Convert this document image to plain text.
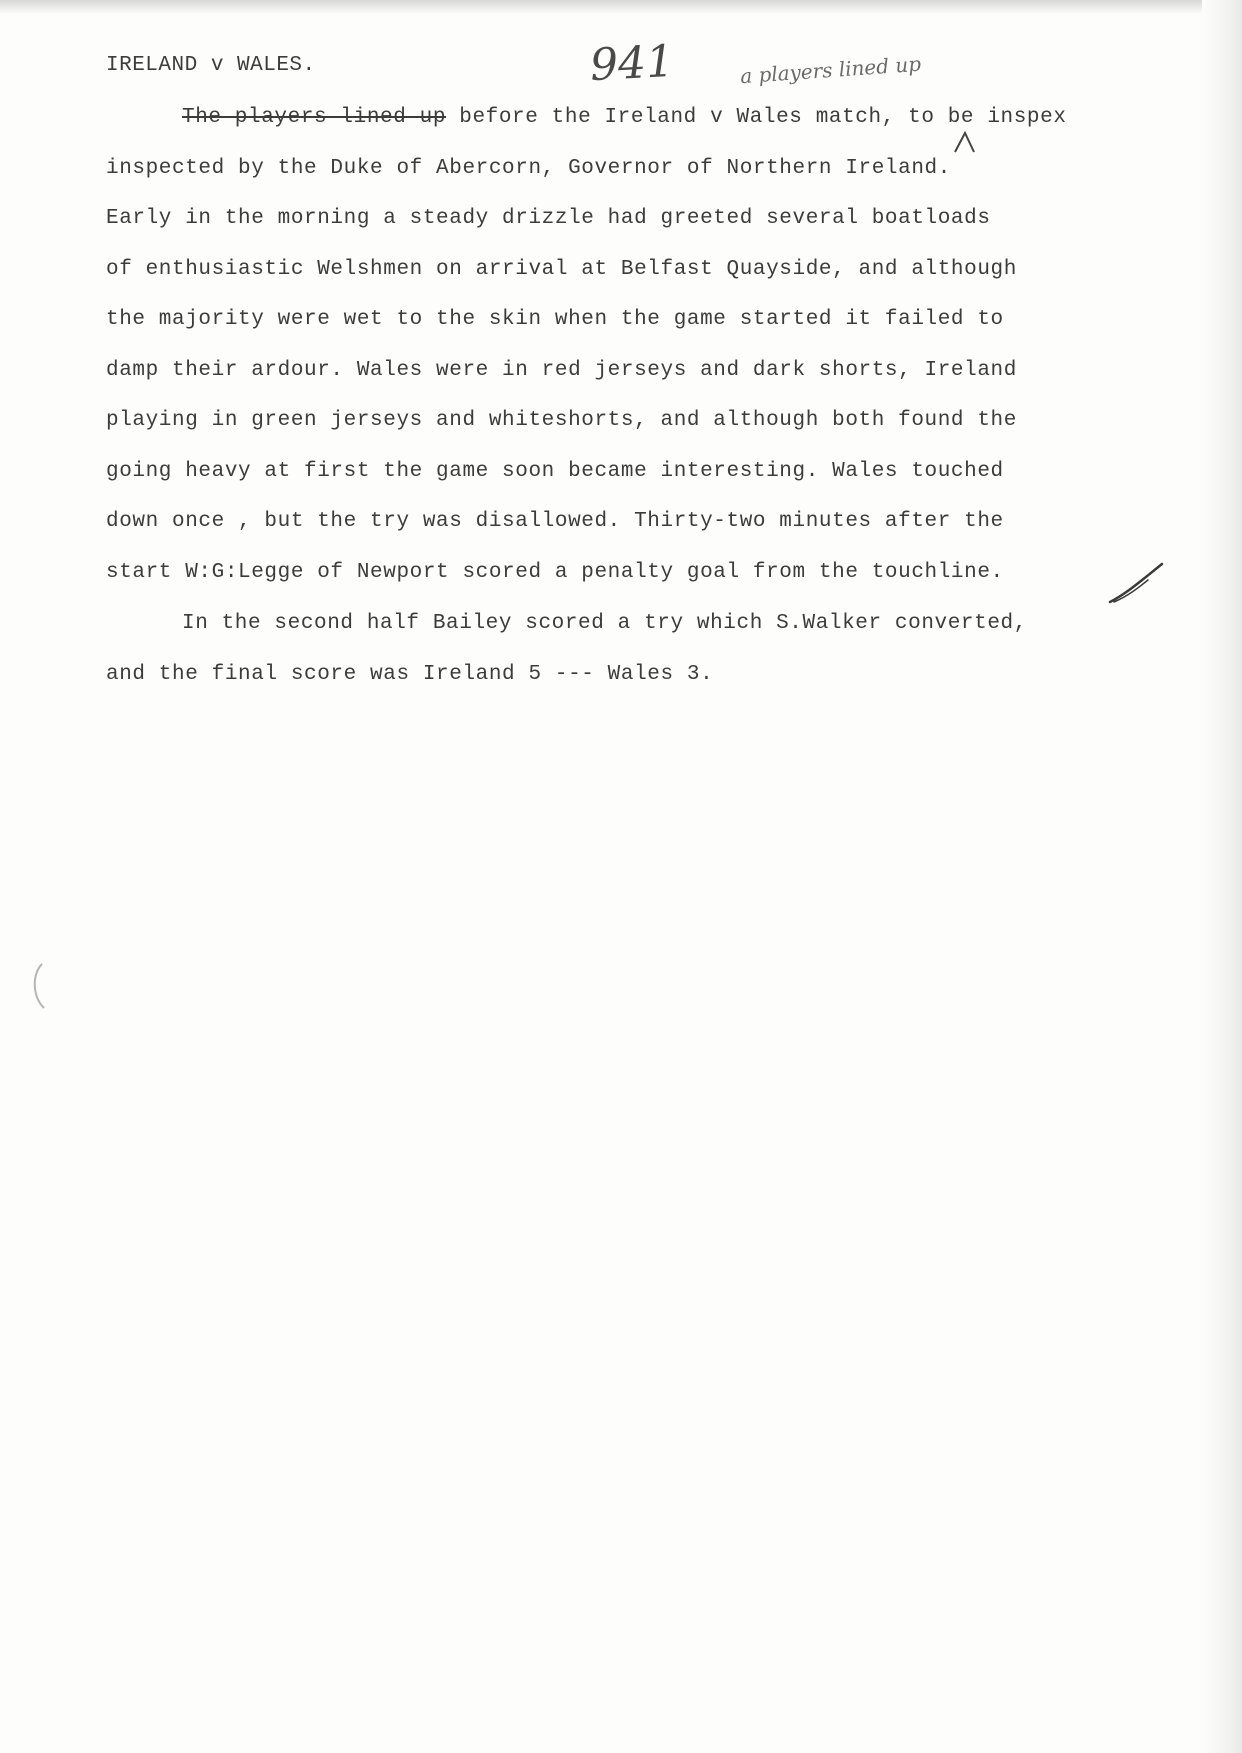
IRELAND v WALES.	941	a players lined up
The players lined up before the Ireland v Wales match, to be inspex
inspected by the Duke of Abercorn, Governor of Northern Ireland.
Early in the morning a steady drizzle had greeted several boatloads
of enthusiastic Welshmen on arrival at Belfast Quayside, and although
the majority were wet to the skin when the game started it failed to
damp their ardour. Wales were in red jerseys and dark shorts, Ireland
playing in green jerseys and whiteshorts, and although both found the
going heavy at first the game soon became interesting. Wales touched
down once , but the try was disallowed. Thirty-two minutes after the
start W:G:Legge of Newport scored a penalty goal from the touchline.
In the second half Bailey scored a try which S.Walker converted,
and the final score was Ireland 5 --- Wales 3.
